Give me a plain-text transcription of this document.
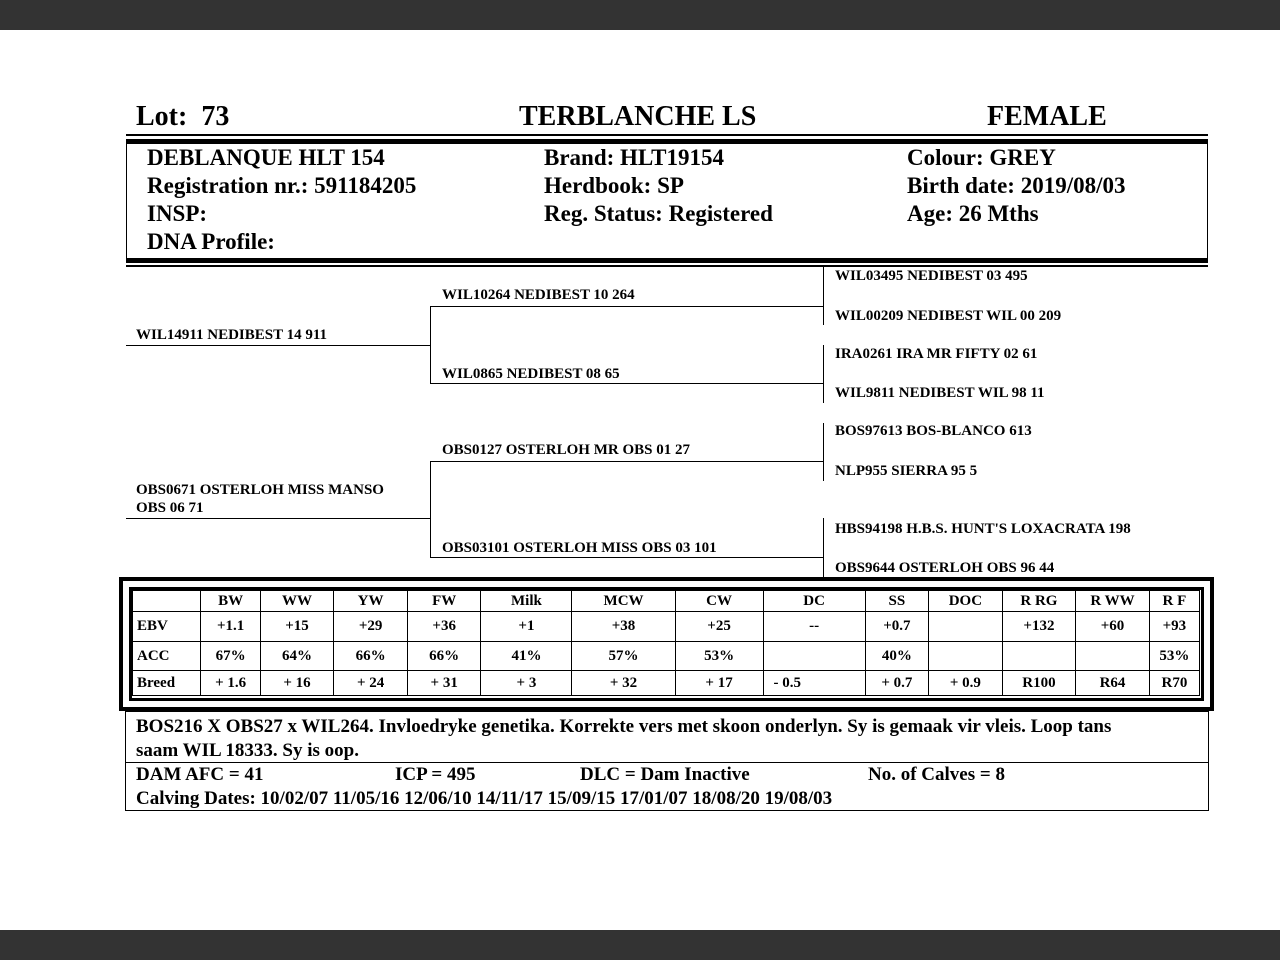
Lot: 73	TERBLANCHE LS	FEMALE
DEBLANQUE HLT 154
Registration nr.: 591184205
INSP:
DNA Profile:
Brand: HLT19154
Herdbook: SP
Reg. Status: Registered
Colour: GREY
Birth date: 2019/08/03
Age: 26 Mths
WIL14911 NEDIBEST 14 911
OBS0671 OSTERLOH MISS MANSO
OBS 06 71
WIL10264 NEDIBEST 10 264
WIL0865 NEDIBEST 08 65
OBS0127 OSTERLOH MR OBS 01 27
OBS03101 OSTERLOH MISS OBS 03 101
WIL03495 NEDIBEST 03 495
WIL00209 NEDIBEST WIL 00 209
IRA0261 IRA MR FIFTY 02 61
WIL9811 NEDIBEST WIL 98 11
BOS97613 BOS-BLANCO 613
NLP955 SIERRA 95 5
HBS94198 H.B.S. HUNT'S LOXACRATA 198
OBS9644 OSTERLOH OBS 96 44
	BW	WW	YW	FW	Milk	MCW	CW	DC	SS	DOC	R RG	R WW	R F
EBV	+1.1	+15	+29	+36	+1	+38	+25	--	+0.7		+132	+60	+93
ACC	67%	64%	66%	66%	41%	57%	53%		40%				53%
Breed	+ 1.6	+ 16	+ 24	+ 31	+ 3	+ 32	+ 17	- 0.5	+ 0.7	+ 0.9	R100	R64	R70
BOS216 X OBS27 x WIL264. Invloedryke genetika. Korrekte vers met skoon onderlyn. Sy is gemaak vir vleis. Loop tans
saam WIL 18333. Sy is oop.
DAM AFC = 41	ICP = 495	DLC = Dam Inactive	No. of Calves = 8
Calving Dates: 10/02/07 11/05/16 12/06/10 14/11/17 15/09/15 17/01/07 18/08/20 19/08/03
